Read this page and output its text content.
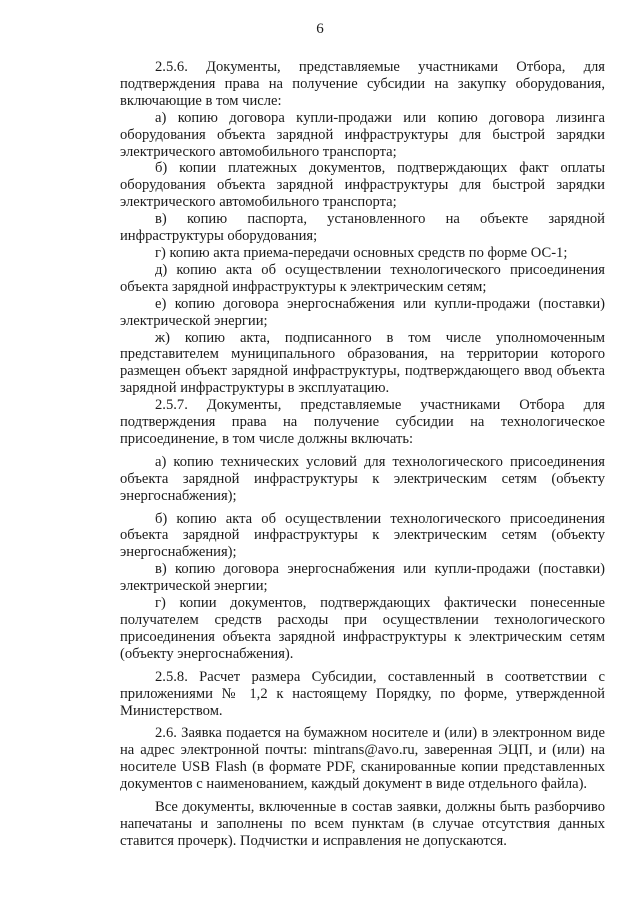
6

2.5.6. Документы, представляемые участниками Отбора, для подтверждения права на получение субсидии на закупку оборудования, включающие в том числе:

а) копию договора купли-продажи или копию договора лизинга оборудования объекта зарядной инфраструктуры для быстрой зарядки электрического автомобильного транспорта;

б) копии платежных документов, подтверждающих факт оплаты оборудования объекта зарядной инфраструктуры для быстрой зарядки электрического автомобильного транспорта;

в) копию паспорта, установленного на объекте зарядной инфраструктуры оборудования;

г) копию акта приема-передачи основных средств по форме ОС-1;

д) копию акта об осуществлении технологического присоединения объекта зарядной инфраструктуры к электрическим сетям;

е) копию договора энергоснабжения или купли-продажи (поставки) электрической энергии;

ж) копию акта, подписанного в том числе уполномоченным представителем муниципального образования, на территории которого размещен объект зарядной инфраструктуры, подтверждающего ввод объекта зарядной инфраструктуры в эксплуатацию.

2.5.7. Документы, представляемые участниками Отбора для подтверждения права на получение субсидии на технологическое присоединение, в том числе должны включать:

а) копию технических условий для технологического присоединения объекта зарядной инфраструктуры к электрическим сетям (объекту энергоснабжения);

б) копию акта об осуществлении технологического присоединения объекта зарядной инфраструктуры к электрическим сетям (объекту энергоснабжения);

в) копию договора энергоснабжения или купли-продажи (поставки) электрической энергии;

г) копии документов, подтверждающих фактически понесенные получателем средств расходы при осуществлении технологического присоединения объекта зарядной инфраструктуры к электрическим сетям (объекту энергоснабжения).

2.5.8. Расчет размера Субсидии, составленный в соответствии с приложениями № 1,2 к настоящему Порядку, по форме, утвержденной Министерством.

2.6. Заявка подается на бумажном носителе и (или) в электронном виде на адрес электронной почты: mintrans@avo.ru, заверенная ЭЦП, и (или) на носителе USB Flash (в формате PDF, сканированные копии представленных документов с наименованием, каждый документ в виде отдельного файла).

Все документы, включенные в состав заявки, должны быть разборчиво напечатаны и заполнены по всем пунктам (в случае отсутствия данных ставится прочерк). Подчистки и исправления не допускаются.
